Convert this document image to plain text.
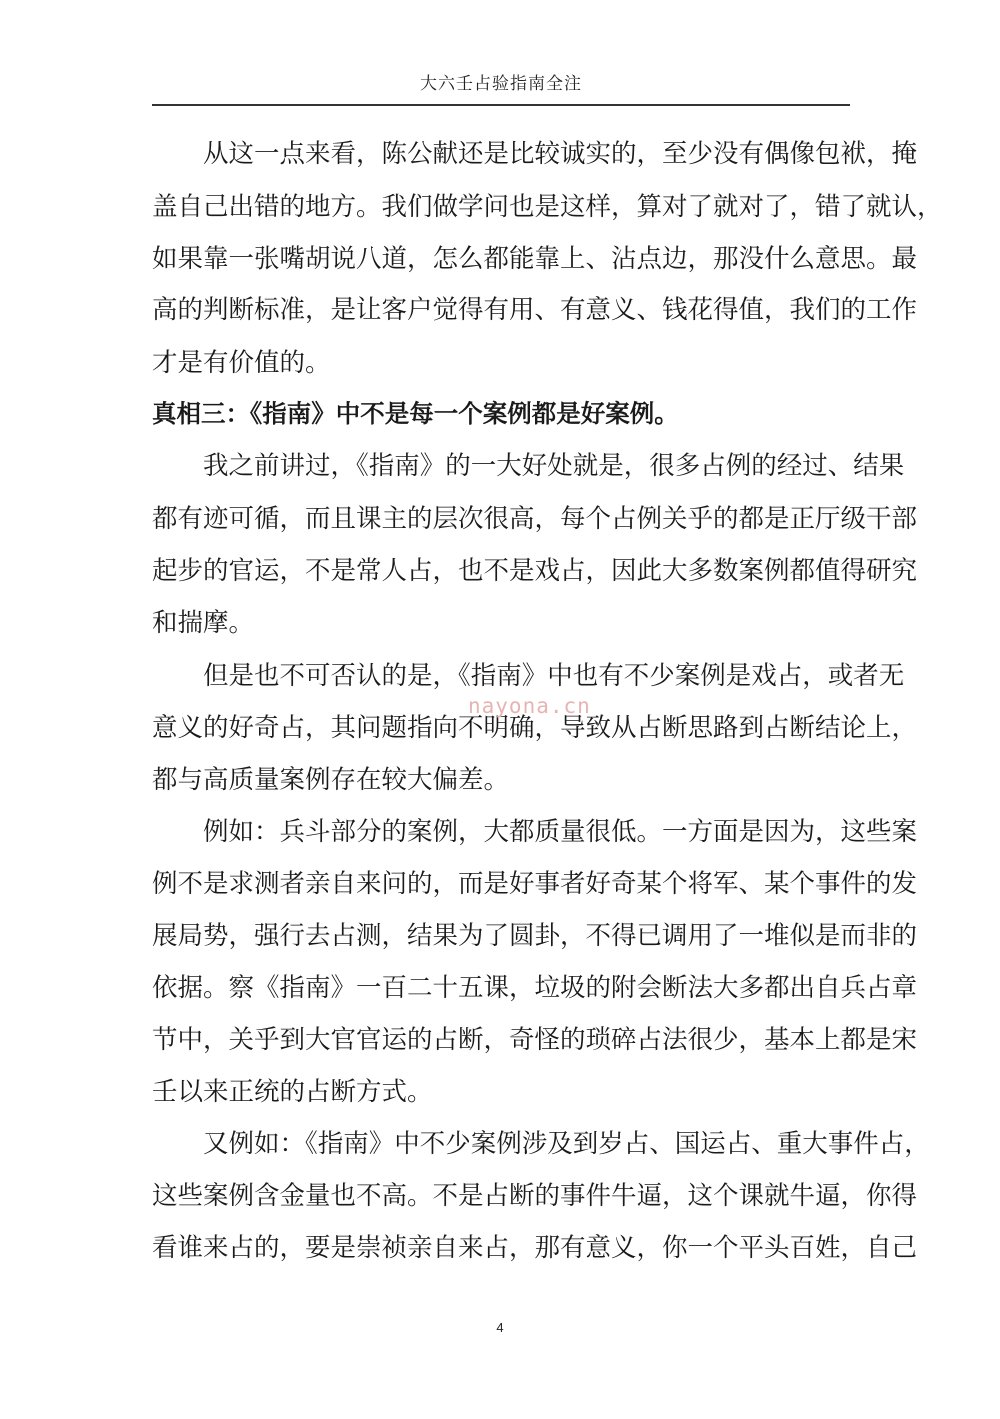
大六壬占验指南全注
从这一点来看，陈公献还是比较诚实的，至少没有偶像包袱，掩
盖自己出错的地方。我们做学问也是这样，算对了就对了，错了就认，
如果靠一张嘴胡说八道，怎么都能靠上、沾点边，那没什么意思。最
高的判断标准，是让客户觉得有用、有意义、钱花得值，我们的工作
才是有价值的。
真相三：《指南》中不是每一个案例都是好案例。
我之前讲过，《指南》的一大好处就是，很多占例的经过、结果
都有迹可循，而且课主的层次很高，每个占例关乎的都是正厅级干部
起步的官运，不是常人占，也不是戏占，因此大多数案例都值得研究
和揣摩。
但是也不可否认的是，《指南》中也有不少案例是戏占，或者无
意义的好奇占，其问题指向不明确，导致从占断思路到占断结论上，
都与高质量案例存在较大偏差。
例如：兵斗部分的案例，大都质量很低。一方面是因为，这些案
例不是求测者亲自来问的，而是好事者好奇某个将军、某个事件的发
展局势，强行去占测，结果为了圆卦，不得已调用了一堆似是而非的
依据。察《指南》一百二十五课，垃圾的附会断法大多都出自兵占章
节中，关乎到大官官运的占断，奇怪的琐碎占法很少，基本上都是宋
壬以来正统的占断方式。
又例如：《指南》中不少案例涉及到岁占、国运占、重大事件占，
这些案例含金量也不高。不是占断的事件牛逼，这个课就牛逼，你得
看谁来占的，要是崇祯亲自来占，那有意义，你一个平头百姓，自己
nayona.cn
4
